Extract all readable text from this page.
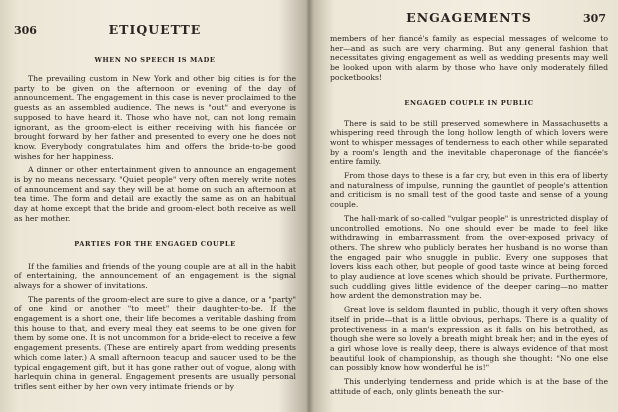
306	ETIQUETTE
WHEN NO SPEECH IS MADE

The prevailing custom in New York and other big cities is for the party to be given on the afternoon or evening of the day of announcement. The engagement in this case is never proclaimed to the guests as an assembled audience. The news is "out" and everyone is supposed to have heard it. Those who have not, can not long remain ignorant, as the groom-elect is either receiving with his fiancée or brought forward by her father and presented to every one he does not know. Everybody congratulates him and offers the bride-to-be good wishes for her happiness.

A dinner or other entertainment given to announce an engagement is by no means necessary. "Quiet people" very often merely write notes of announcement and say they will be at home on such an afternoon at tea time. The form and detail are exactly the same as on an habitual day at home except that the bride and groom-elect both receive as well as her mother.

PARTIES FOR THE ENGAGED COUPLE

If the families and friends of the young couple are at all in the habit of entertaining, the announcement of an engagement is the signal always for a shower of invitations.

The parents of the groom-elect are sure to give a dance, or a "party" of one kind or another "to meet" their daughter-to-be. If the engagement is a short one, their life becomes a veritable dashing from this house to that, and every meal they eat seems to be one given for them by some one. It is not uncommon for a bride-elect to receive a few engagement presents. (These are entirely apart from wedding presents which come later.) A small afternoon teacup and saucer used to be the typical engagement gift, but it has gone rather out of vogue, along with harlequin china in general. Engagement presents are usually personal trifles sent either by her own very intimate friends or by

ENGAGEMENTS	307

members of her fiancé's family as especial messages of welcome to her—and as such are very charming. But any general fashion that necessitates giving engagement as well as wedding presents may well be looked upon with alarm by those who have only moderately filled pocketbooks!

ENGAGED COUPLE IN PUBLIC

There is said to be still preserved somewhere in Massachusetts a whispering reed through the long hollow length of which lovers were wont to whisper messages of tenderness to each other while separated by a room's length and the inevitable chaperonage of the fiancée's entire family.

From those days to these is a far cry, but even in this era of liberty and naturalness of impulse, running the gauntlet of people's attention and criticism is no small test of the good taste and sense of a young couple.

The hall-mark of so-called "vulgar people" is unrestricted display of uncontrolled emotions. No one should ever be made to feel like withdrawing in embarrassment from the over-exposed privacy of others. The shrew who publicly berates her husband is no worse than the engaged pair who snuggle in public. Every one supposes that lovers kiss each other, but people of good taste wince at being forced to play audience at love scenes which should be private. Furthermore, such cuddling gives little evidence of the deeper caring—no matter how ardent the demonstration may be.

Great love is seldom flaunted in public, though it very often shows itself in pride—that is a little obvious, perhaps. There is a quality of protectiveness in a man's expression as it falls on his betrothed, as though she were so lovely a breath might break her; and in the eyes of a girl whose love is really deep, there is always evidence of that most beautiful look of championship, as though she thought: "No one else can possibly know how wonderful he is!"

This underlying tenderness and pride which is at the base of the attitude of each, only glints beneath the sur-
